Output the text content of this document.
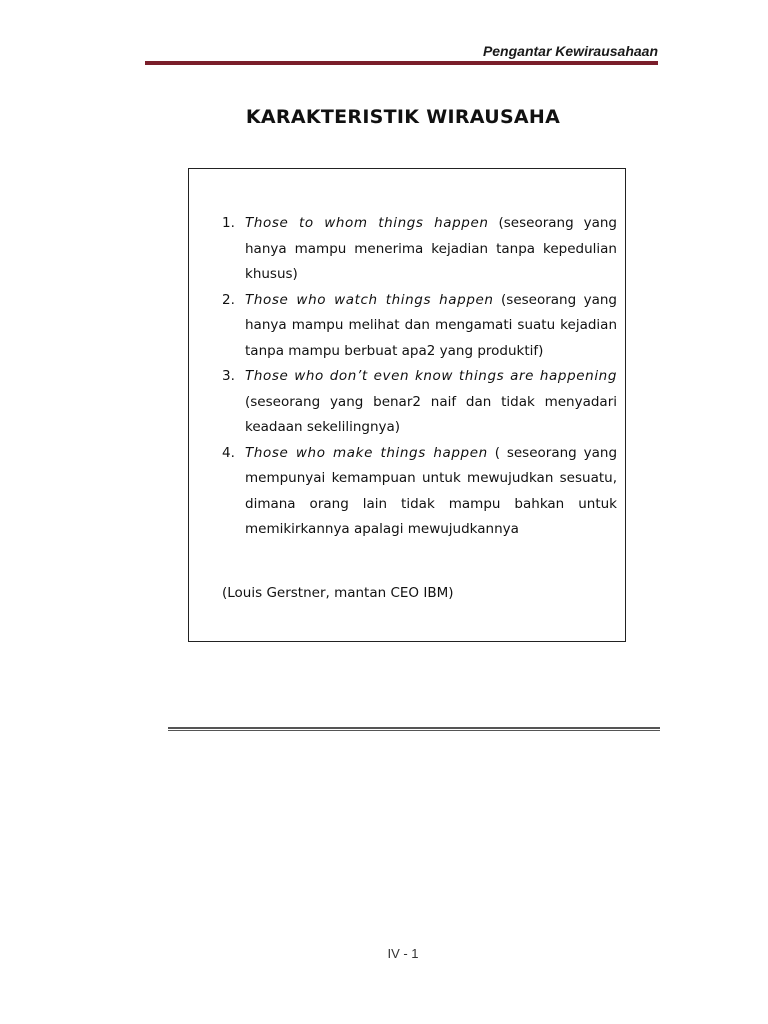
Pengantar Kewirausahaan
KARAKTERISTIK WIRAUSAHA
1. Those to whom things happen (seseorang yang hanya mampu menerima kejadian tanpa kepedulian khusus)
2. Those who watch things happen (seseorang yang hanya mampu melihat dan mengamati suatu kejadian tanpa mampu berbuat apa2 yang produktif)
3. Those who don’t even know things are happening (seseorang yang benar2 naif dan tidak menyadari keadaan sekelilingnya)
4. Those who make things happen ( seseorang yang mempunyai kemampuan untuk mewujudkan sesuatu, dimana orang lain tidak mampu bahkan untuk memikirkannya apalagi mewujudkannya
(Louis Gerstner, mantan CEO IBM)
IV - 1
